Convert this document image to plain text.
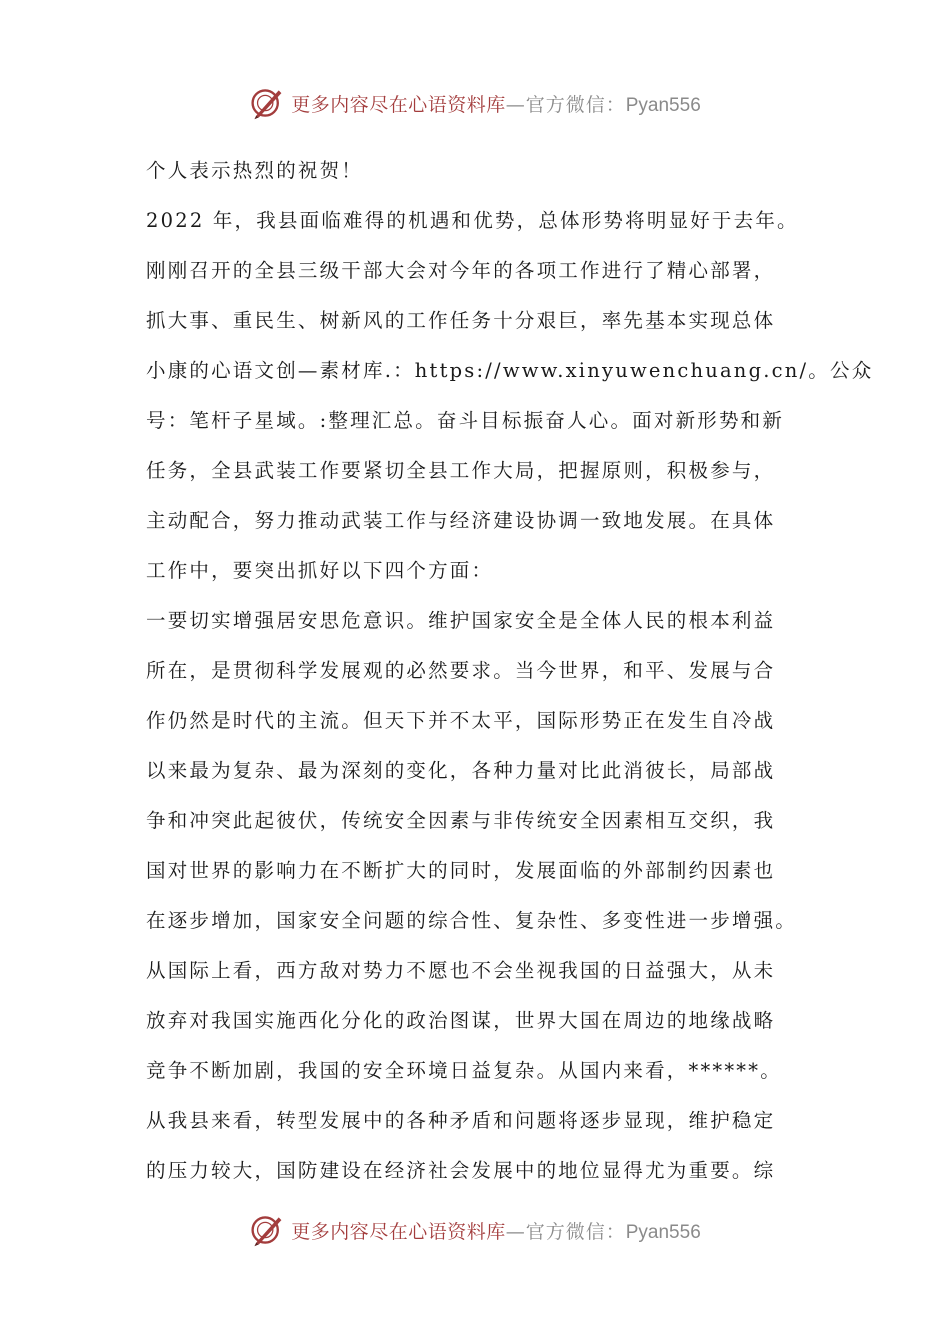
更多内容尽在心语资料库 —官方微信：Pyan556
个人表示热烈的祝贺！
2022 年，我县面临难得的机遇和优势，总体形势将明显好于去年。
刚刚召开的全县三级干部大会对今年的各项工作进行了精心部署，
抓大事、重民生、树新风的工作任务十分艰巨，率先基本实现总体
小康的心语文创—素材库.：https://www.xinyuwenchuang.cn/。公众
号：笔杆子星域。:整理汇总。奋斗目标振奋人心。面对新形势和新
任务，全县武装工作要紧切全县工作大局，把握原则，积极参与，
主动配合，努力推动武装工作与经济建设协调一致地发展。在具体
工作中，要突出抓好以下四个方面：
一要切实增强居安思危意识。维护国家安全是全体人民的根本利益
所在，是贯彻科学发展观的必然要求。当今世界，和平、发展与合
作仍然是时代的主流。但天下并不太平，国际形势正在发生自冷战
以来最为复杂、最为深刻的变化，各种力量对比此消彼长，局部战
争和冲突此起彼伏，传统安全因素与非传统安全因素相互交织，我
国对世界的影响力在不断扩大的同时，发展面临的外部制约因素也
在逐步增加，国家安全问题的综合性、复杂性、多变性进一步增强。
从国际上看，西方敌对势力不愿也不会坐视我国的日益强大，从未
放弃对我国实施西化分化的政治图谋，世界大国在周边的地缘战略
竞争不断加剧，我国的安全环境日益复杂。从国内来看，******。
从我县来看，转型发展中的各种矛盾和问题将逐步显现，维护稳定
的压力较大，国防建设在经济社会发展中的地位显得尤为重要。综
更多内容尽在心语资料库 —官方微信：Pyan556
